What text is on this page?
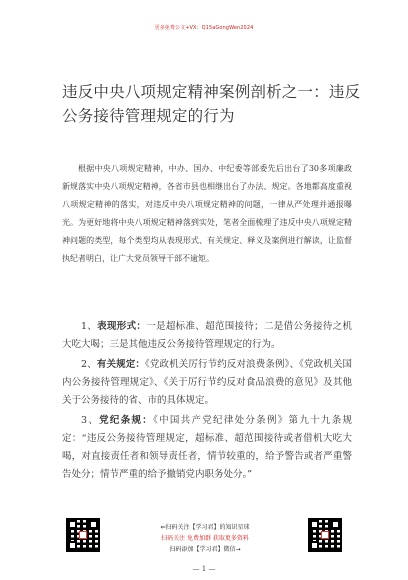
更多免费公文+VX：Q15aGongWen2024
违反中央八项规定精神案例剖析之一：违反公务接待管理规定的行为
根据中央八项规定精神，中办、国办、中纪委等部委先后出台了30多项廉政新规落实中央八项规定精神，各省市县也相继出台了办法、规定。各地都高度重视八项规定精神的落实，对违反中央八项规定精神的问题，一律从严处理并通报曝光。为更好地将中央八项规定精神落到实处，笔者全面梳理了违反中央八项规定精神问题的类型，每个类型均从表现形式、有关规定、释义及案例进行解读，让监督执纪者明白，让广大党员领导干部不逾矩。
1、表现形式：一是超标准、超范围接待；二是借公务接待之机大吃大喝；三是其他违反公务接待管理规定的行为。
2、有关规定：《党政机关厉行节约反对浪费条例》、《党政机关国内公务接待管理规定》、《关于厉行节约反对食品浪费的意见》及其他关于公务接待的省、市的具体规定。
3、党纪条规：《中国共产党纪律处分条例》第九十九条规定：“违反公务接待管理规定，超标准、超范围接待或者借机大吃大喝，对直接责任者和领导责任者，情节较重的，给予警告或者严重警告处分；情节严重的给予撤销党内职务处分。”
⇐扫码关注【学习君】的知识星球
扫码关注 免费加群 获取更多资料
扫码添加【学习君】微信→
— 1 —
